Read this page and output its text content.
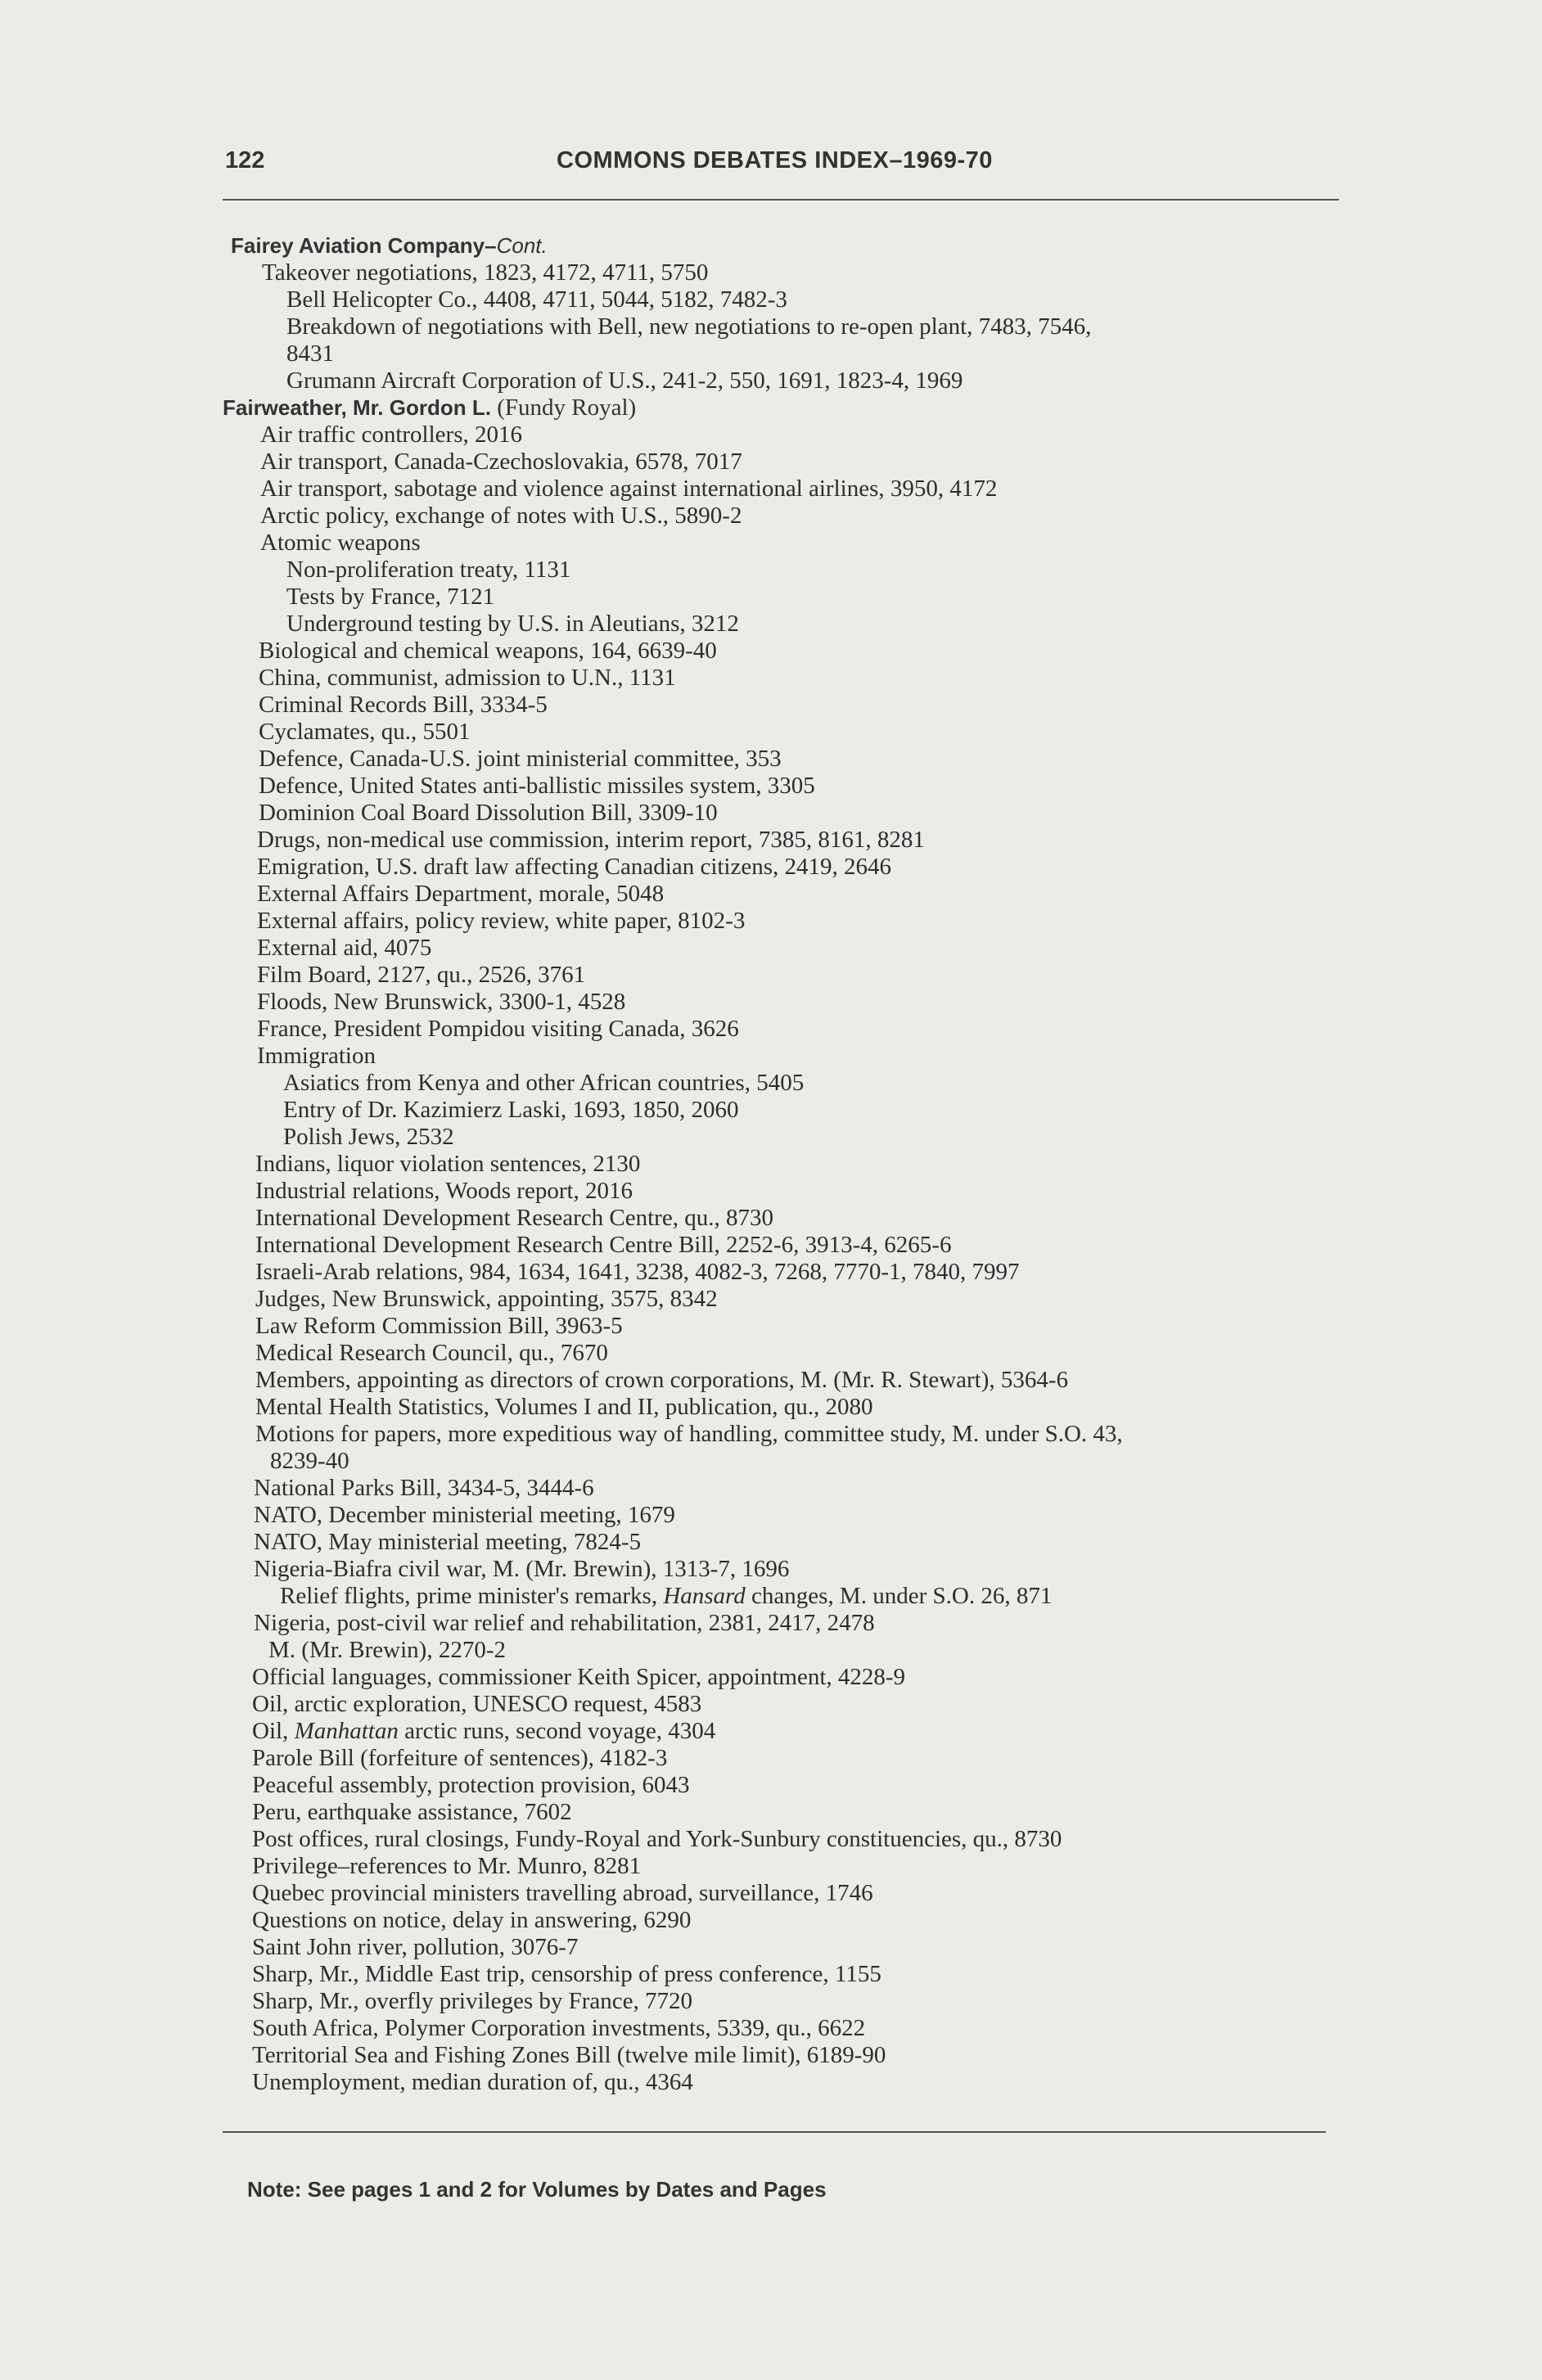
122	COMMONS DEBATES INDEX–1969-70
Fairey Aviation Company–Cont.
Takeover negotiations, 1823, 4172, 4711, 5750
Bell Helicopter Co., 4408, 4711, 5044, 5182, 7482-3
Breakdown of negotiations with Bell, new negotiations to re-open plant, 7483, 7546,
8431
Grumann Aircraft Corporation of U.S., 241-2, 550, 1691, 1823-4, 1969
Fairweather, Mr. Gordon L. (Fundy Royal)
Air traffic controllers, 2016
Air transport, Canada-Czechoslovakia, 6578, 7017
Air transport, sabotage and violence against international airlines, 3950, 4172
Arctic policy, exchange of notes with U.S., 5890-2
Atomic weapons
Non-proliferation treaty, 1131
Tests by France, 7121
Underground testing by U.S. in Aleutians, 3212
Biological and chemical weapons, 164, 6639-40
China, communist, admission to U.N., 1131
Criminal Records Bill, 3334-5
Cyclamates, qu., 5501
Defence, Canada-U.S. joint ministerial committee, 353
Defence, United States anti-ballistic missiles system, 3305
Dominion Coal Board Dissolution Bill, 3309-10
Drugs, non-medical use commission, interim report, 7385, 8161, 8281
Emigration, U.S. draft law affecting Canadian citizens, 2419, 2646
External Affairs Department, morale, 5048
External affairs, policy review, white paper, 8102-3
External aid, 4075
Film Board, 2127, qu., 2526, 3761
Floods, New Brunswick, 3300-1, 4528
France, President Pompidou visiting Canada, 3626
Immigration
Asiatics from Kenya and other African countries, 5405
Entry of Dr. Kazimierz Laski, 1693, 1850, 2060
Polish Jews, 2532
Indians, liquor violation sentences, 2130
Industrial relations, Woods report, 2016
International Development Research Centre, qu., 8730
International Development Research Centre Bill, 2252-6, 3913-4, 6265-6
Israeli-Arab relations, 984, 1634, 1641, 3238, 4082-3, 7268, 7770-1, 7840, 7997
Judges, New Brunswick, appointing, 3575, 8342
Law Reform Commission Bill, 3963-5
Medical Research Council, qu., 7670
Members, appointing as directors of crown corporations, M. (Mr. R. Stewart), 5364-6
Mental Health Statistics, Volumes I and II, publication, qu., 2080
Motions for papers, more expeditious way of handling, committee study, M. under S.O. 43,
8239-40
National Parks Bill, 3434-5, 3444-6
NATO, December ministerial meeting, 1679
NATO, May ministerial meeting, 7824-5
Nigeria-Biafra civil war, M. (Mr. Brewin), 1313-7, 1696
Relief flights, prime minister's remarks, Hansard changes, M. under S.O. 26, 871
Nigeria, post-civil war relief and rehabilitation, 2381, 2417, 2478
M. (Mr. Brewin), 2270-2
Official languages, commissioner Keith Spicer, appointment, 4228-9
Oil, arctic exploration, UNESCO request, 4583
Oil, Manhattan arctic runs, second voyage, 4304
Parole Bill (forfeiture of sentences), 4182-3
Peaceful assembly, protection provision, 6043
Peru, earthquake assistance, 7602
Post offices, rural closings, Fundy-Royal and York-Sunbury constituencies, qu., 8730
Privilege–references to Mr. Munro, 8281
Quebec provincial ministers travelling abroad, surveillance, 1746
Questions on notice, delay in answering, 6290
Saint John river, pollution, 3076-7
Sharp, Mr., Middle East trip, censorship of press conference, 1155
Sharp, Mr., overfly privileges by France, 7720
South Africa, Polymer Corporation investments, 5339, qu., 6622
Territorial Sea and Fishing Zones Bill (twelve mile limit), 6189-90
Unemployment, median duration of, qu., 4364
Note: See pages 1 and 2 for Volumes by Dates and Pages
